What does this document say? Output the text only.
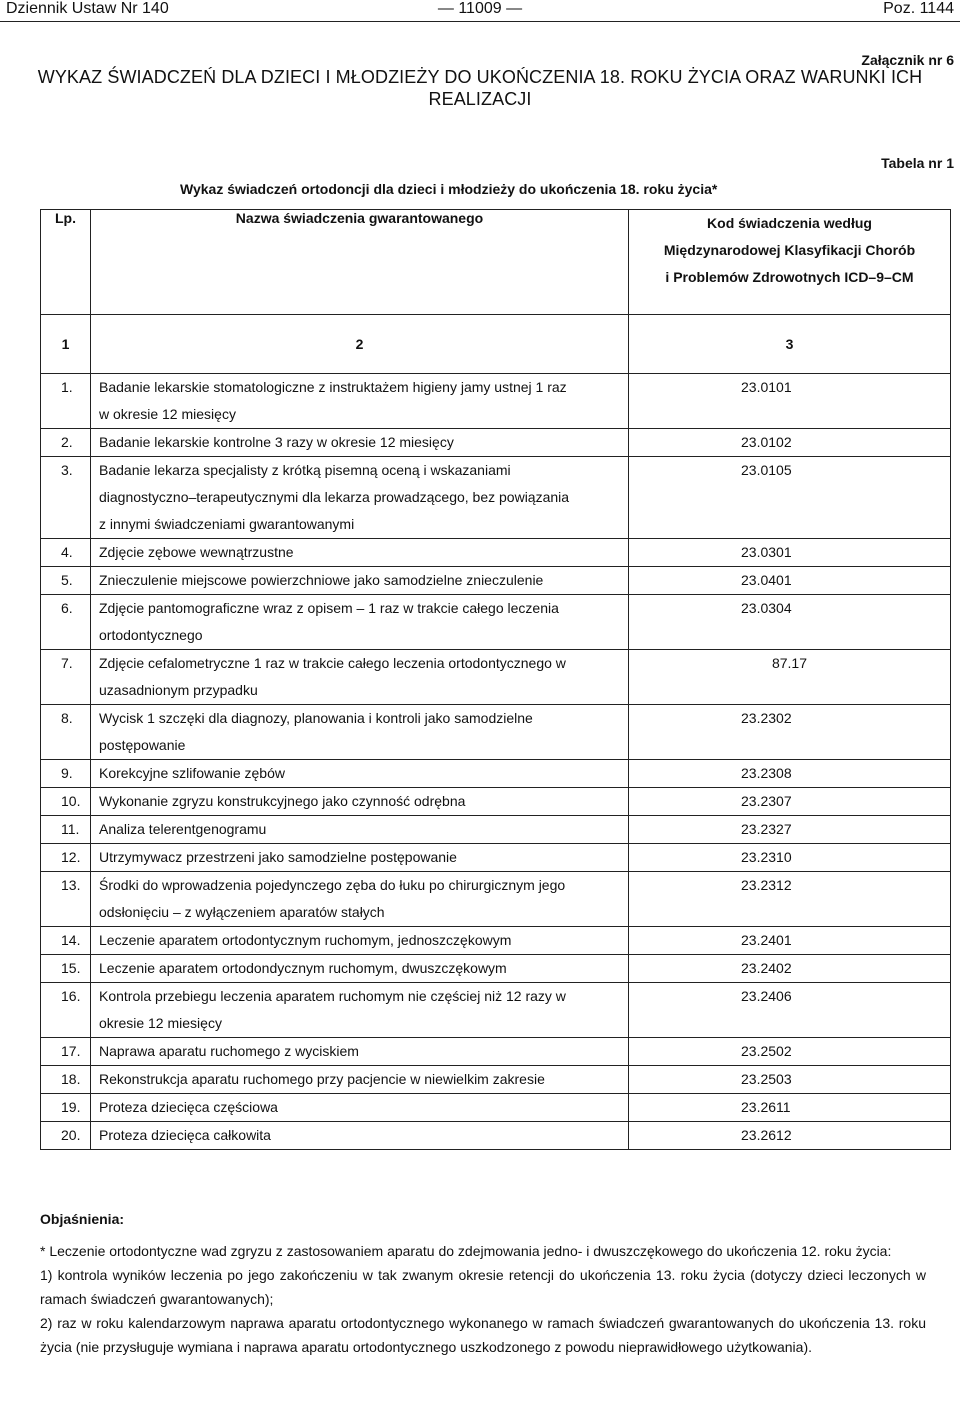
Dziennik Ustaw Nr 140	— 11009 —	Poz. 1144
Załącznik nr 6
WYKAZ ŚWIADCZEŃ DLA DZIECI I MŁODZIEŻY DO UKOŃCZENIA 18. ROKU ŻYCIA ORAZ WARUNKI ICH REALIZACJI
Tabela nr 1
Wykaz świadczeń ortodoncji dla dzieci i młodzieży do ukończenia 18. roku życia*
Lp.	Nazwa świadczenia gwarantowanego	Kod świadczenia według
Międzynarodowej Klasyfikacji Chorób
i Problemów Zdrowotnych ICD–9–CM

1	2	3
1.	Badanie lekarskie stomatologiczne z instruktażem higieny jamy ustnej 1 raz
w okresie 12 miesięcy	23.0101

2.	Badanie lekarskie kontrolne 3 razy w okresie 12 miesięcy	23.0102

3.	Badanie lekarza specjalisty z krótką pisemną oceną i wskazaniami
diagnostyczno–terapeutycznymi dla lekarza prowadzącego, bez powiązania
z innymi świadczeniami gwarantowanymi	23.0105

4.	Zdjęcie zębowe wewnątrzustne	23.0301

5.	Znieczulenie miejscowe powierzchniowe jako samodzielne znieczulenie	23.0401

6.	Zdjęcie pantomograficzne wraz z opisem – 1 raz w trakcie całego leczenia
ortodontycznego	23.0304

7.	Zdjęcie cefalometryczne 1 raz w trakcie całego leczenia ortodontycznego w
uzasadnionym przypadku	87.17

8.	Wycisk 1 szczęki dla diagnozy, planowania i kontroli jako samodzielne
postępowanie	23.2302

9.	Korekcyjne szlifowanie zębów	23.2308

10.	Wykonanie zgryzu konstrukcyjnego jako czynność odrębna	23.2307

11.	Analiza telerentgenogramu	23.2327

12.	Utrzymywacz przestrzeni jako samodzielne postępowanie	23.2310

13.	Środki do wprowadzenia pojedynczego zęba do łuku po chirurgicznym jego
odsłonięciu – z wyłączeniem aparatów stałych	23.2312

14.	Leczenie aparatem ortodontycznym ruchomym, jednoszczękowym	23.2401

15.	Leczenie aparatem ortodondycznym ruchomym, dwuszczękowym	23.2402

16.	Kontrola przebiegu leczenia aparatem ruchomym nie częściej niż 12 razy w
okresie 12 miesięcy	23.2406

17.	Naprawa aparatu ruchomego z wyciskiem	23.2502

18.	Rekonstrukcja aparatu ruchomego przy pacjencie w niewielkim zakresie	23.2503

19.	Proteza dziecięca częściowa	23.2611

20.	Proteza dziecięca całkowita	23.2612
Objaśnienia:

* Leczenie ortodontyczne wad zgryzu z zastosowaniem aparatu do zdejmowania jedno- i dwuszczękowego do ukończenia 12. roku życia:

1) kontrola wyników leczenia po jego zakończeniu w tak zwanym okresie retencji do ukończenia 13. roku życia (dotyczy dzieci leczonych w ramach świadczeń gwarantowanych);

2) raz w roku kalendarzowym naprawa aparatu ortodontycznego wykonanego w ramach świadczeń gwarantowanych do ukończenia 13. roku życia (nie przysługuje wymiana i naprawa aparatu ortodontycznego uszkodzonego z powodu nieprawidłowego użytkowania).
